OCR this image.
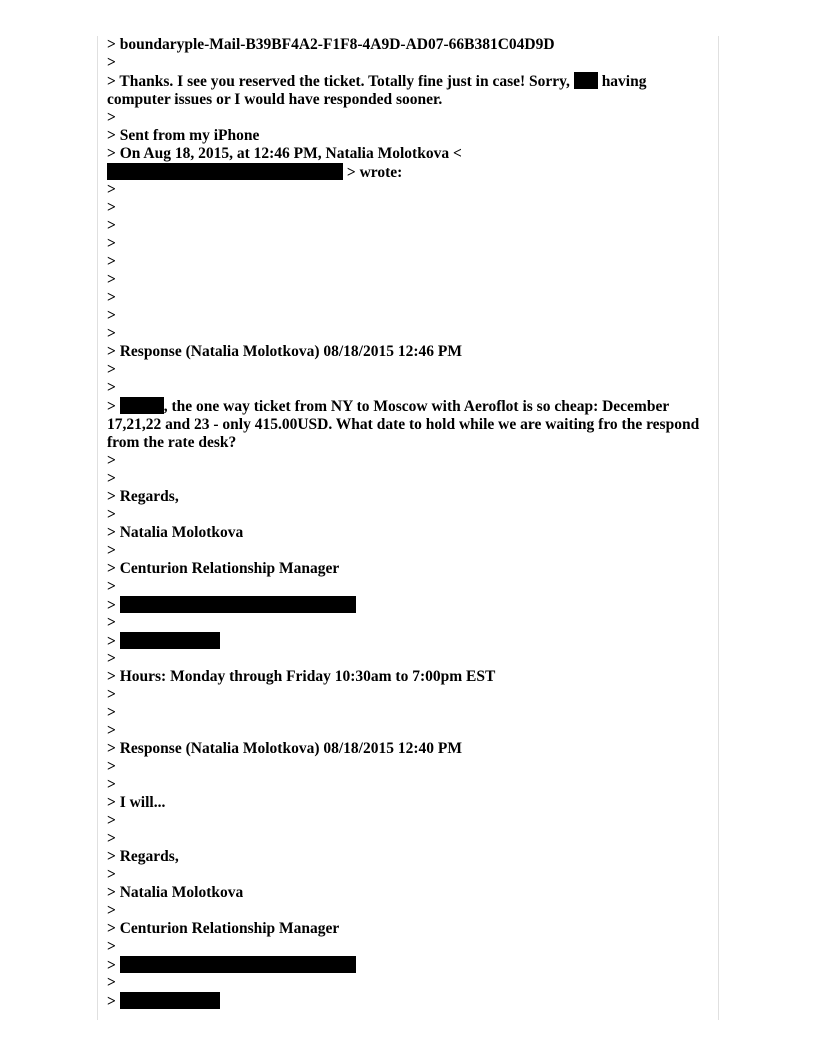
> boundaryple-Mail-B39BF4A2-F1F8-4A9D-AD07-66B381C04D9D

>

> Thanks. I see you reserved the ticket. Totally fine just in case! Sorry, having computer issues or I would have responded sooner.

>

> Sent from my iPhone

> On Aug 18, 2015, at 12:46 PM, Natalia Molotkova <

> wrote:

>

>

>

>

>

>

>

>

>

> Response (Natalia Molotkova) 08/18/2015 12:46 PM

>

>

>	, the one way ticket from NY to Moscow with Aeroflot is so cheap: December 17,21,22 and 23 - only 415.00USD. What date to hold while we are waiting fro the respond from the rate desk?

>

>

> Regards,

>

> Natalia Molotkova

>

> Centurion Relationship Manager

>

>

>

>

>

> Hours: Monday through Friday 10:30am to 7:00pm EST

>

>

>

> Response (Natalia Molotkova) 08/18/2015 12:40 PM

>

>

> I will...

>

>

> Regards,

>

> Natalia Molotkova

>

> Centurion Relationship Manager

>

>

>

>
